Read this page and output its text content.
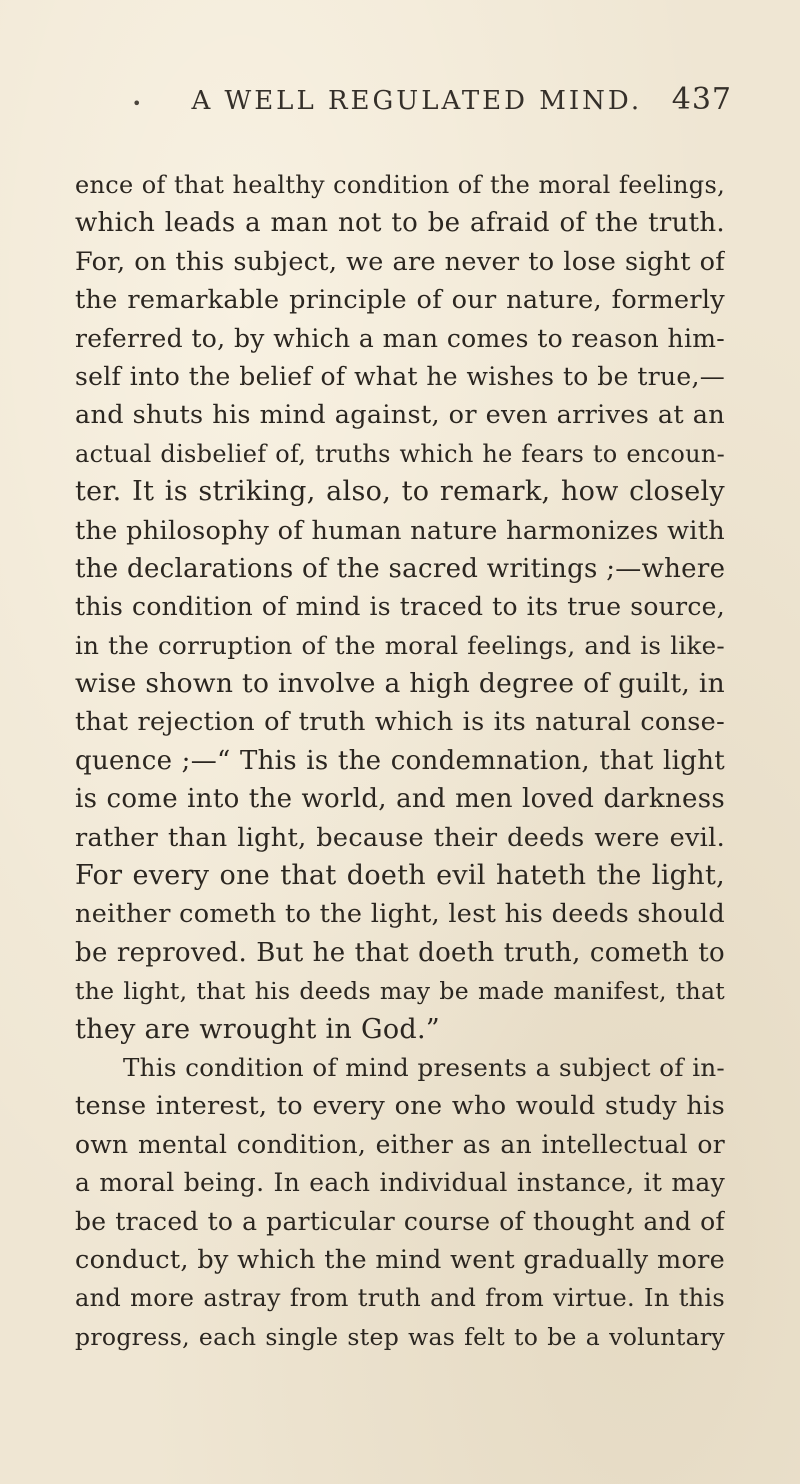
• A WELL REGULATED MIND. 437
ence of that healthy condition of the moral feelings,
which leads a man not to be afraid of the truth.
For, on this subject, we are never to lose sight of
the remarkable principle of our nature, formerly
referred to, by which a man comes to reason him-
self into the belief of what he wishes to be true,—
and shuts his mind against, or even arrives at an
actual disbelief of, truths which he fears to encoun-
ter. It is striking, also, to remark, how closely
the philosophy of human nature harmonizes with
the declarations of the sacred writings ;—where
this condition of mind is traced to its true source,
in the corruption of the moral feelings, and is like-
wise shown to involve a high degree of guilt, in
that rejection of truth which is its natural conse-
quence ;—“ This is the condemnation, that light
is come into the world, and men loved darkness
rather than light, because their deeds were evil.
For every one that doeth evil hateth the light,
neither cometh to the light, lest his deeds should
be reproved. But he that doeth truth, cometh to
the light, that his deeds may be made manifest, that
they are wrought in God.”
This condition of mind presents a subject of in-
tense interest, to every one who would study his
own mental condition, either as an intellectual or
a moral being. In each individual instance, it may
be traced to a particular course of thought and of
conduct, by which the mind went gradually more
and more astray from truth and from virtue. In this
progress, each single step was felt to be a voluntary
